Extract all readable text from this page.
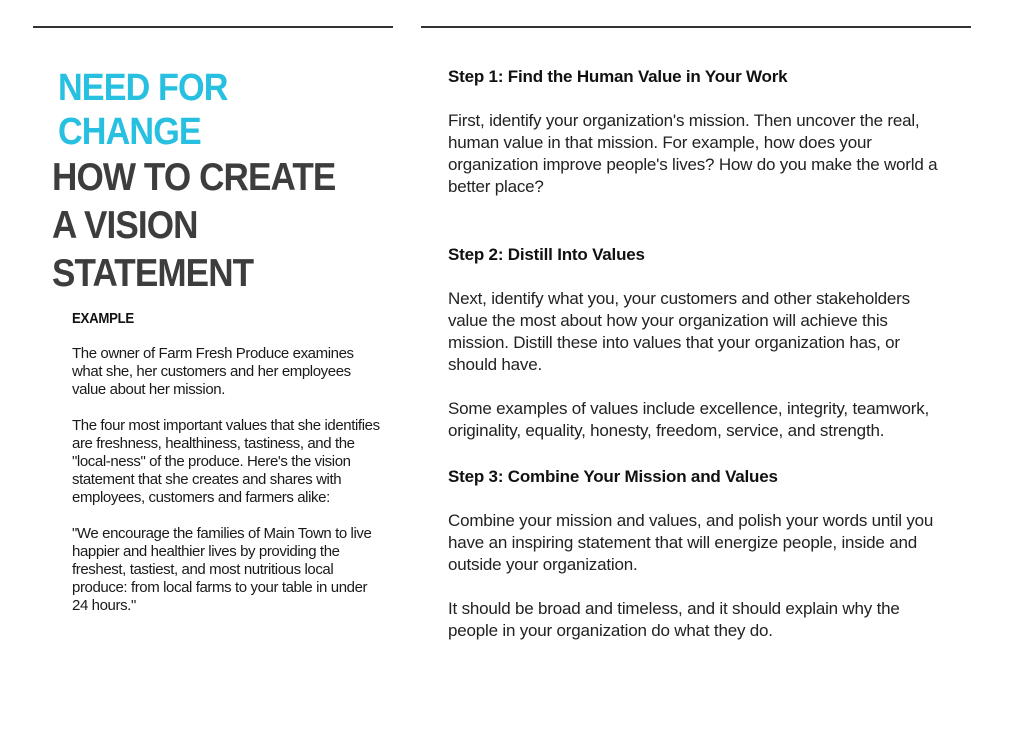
NEED FOR CHANGE
HOW TO CREATE A VISION STATEMENT
EXAMPLE

The owner of Farm Fresh Produce examines what she, her customers and her employees value about her mission.

The four most important values that she identifies are freshness, healthiness, tastiness, and the "local-ness" of the produce. Here's the vision statement that she creates and shares with employees, customers and farmers alike:

"We encourage the families of Main Town to live happier and healthier lives by providing the freshest, tastiest, and most nutritious local produce: from local farms to your table in under 24 hours."

Step 1: Find the Human Value in Your Work

First, identify your organization's mission. Then uncover the real, human value in that mission. For example, how does your organization improve people's lives? How do you make the world a better place?

Step 2: Distill Into Values

Next, identify what you, your customers and other stakeholders value the most about how your organization will achieve this mission. Distill these into values that your organization has, or should have.

Some examples of values include excellence, integrity, teamwork, originality, equality, honesty, freedom, service, and strength.

Step 3: Combine Your Mission and Values

Combine your mission and values, and polish your words until you have an inspiring statement that will energize people, inside and outside your organization.

It should be broad and timeless, and it should explain why the people in your organization do what they do.
